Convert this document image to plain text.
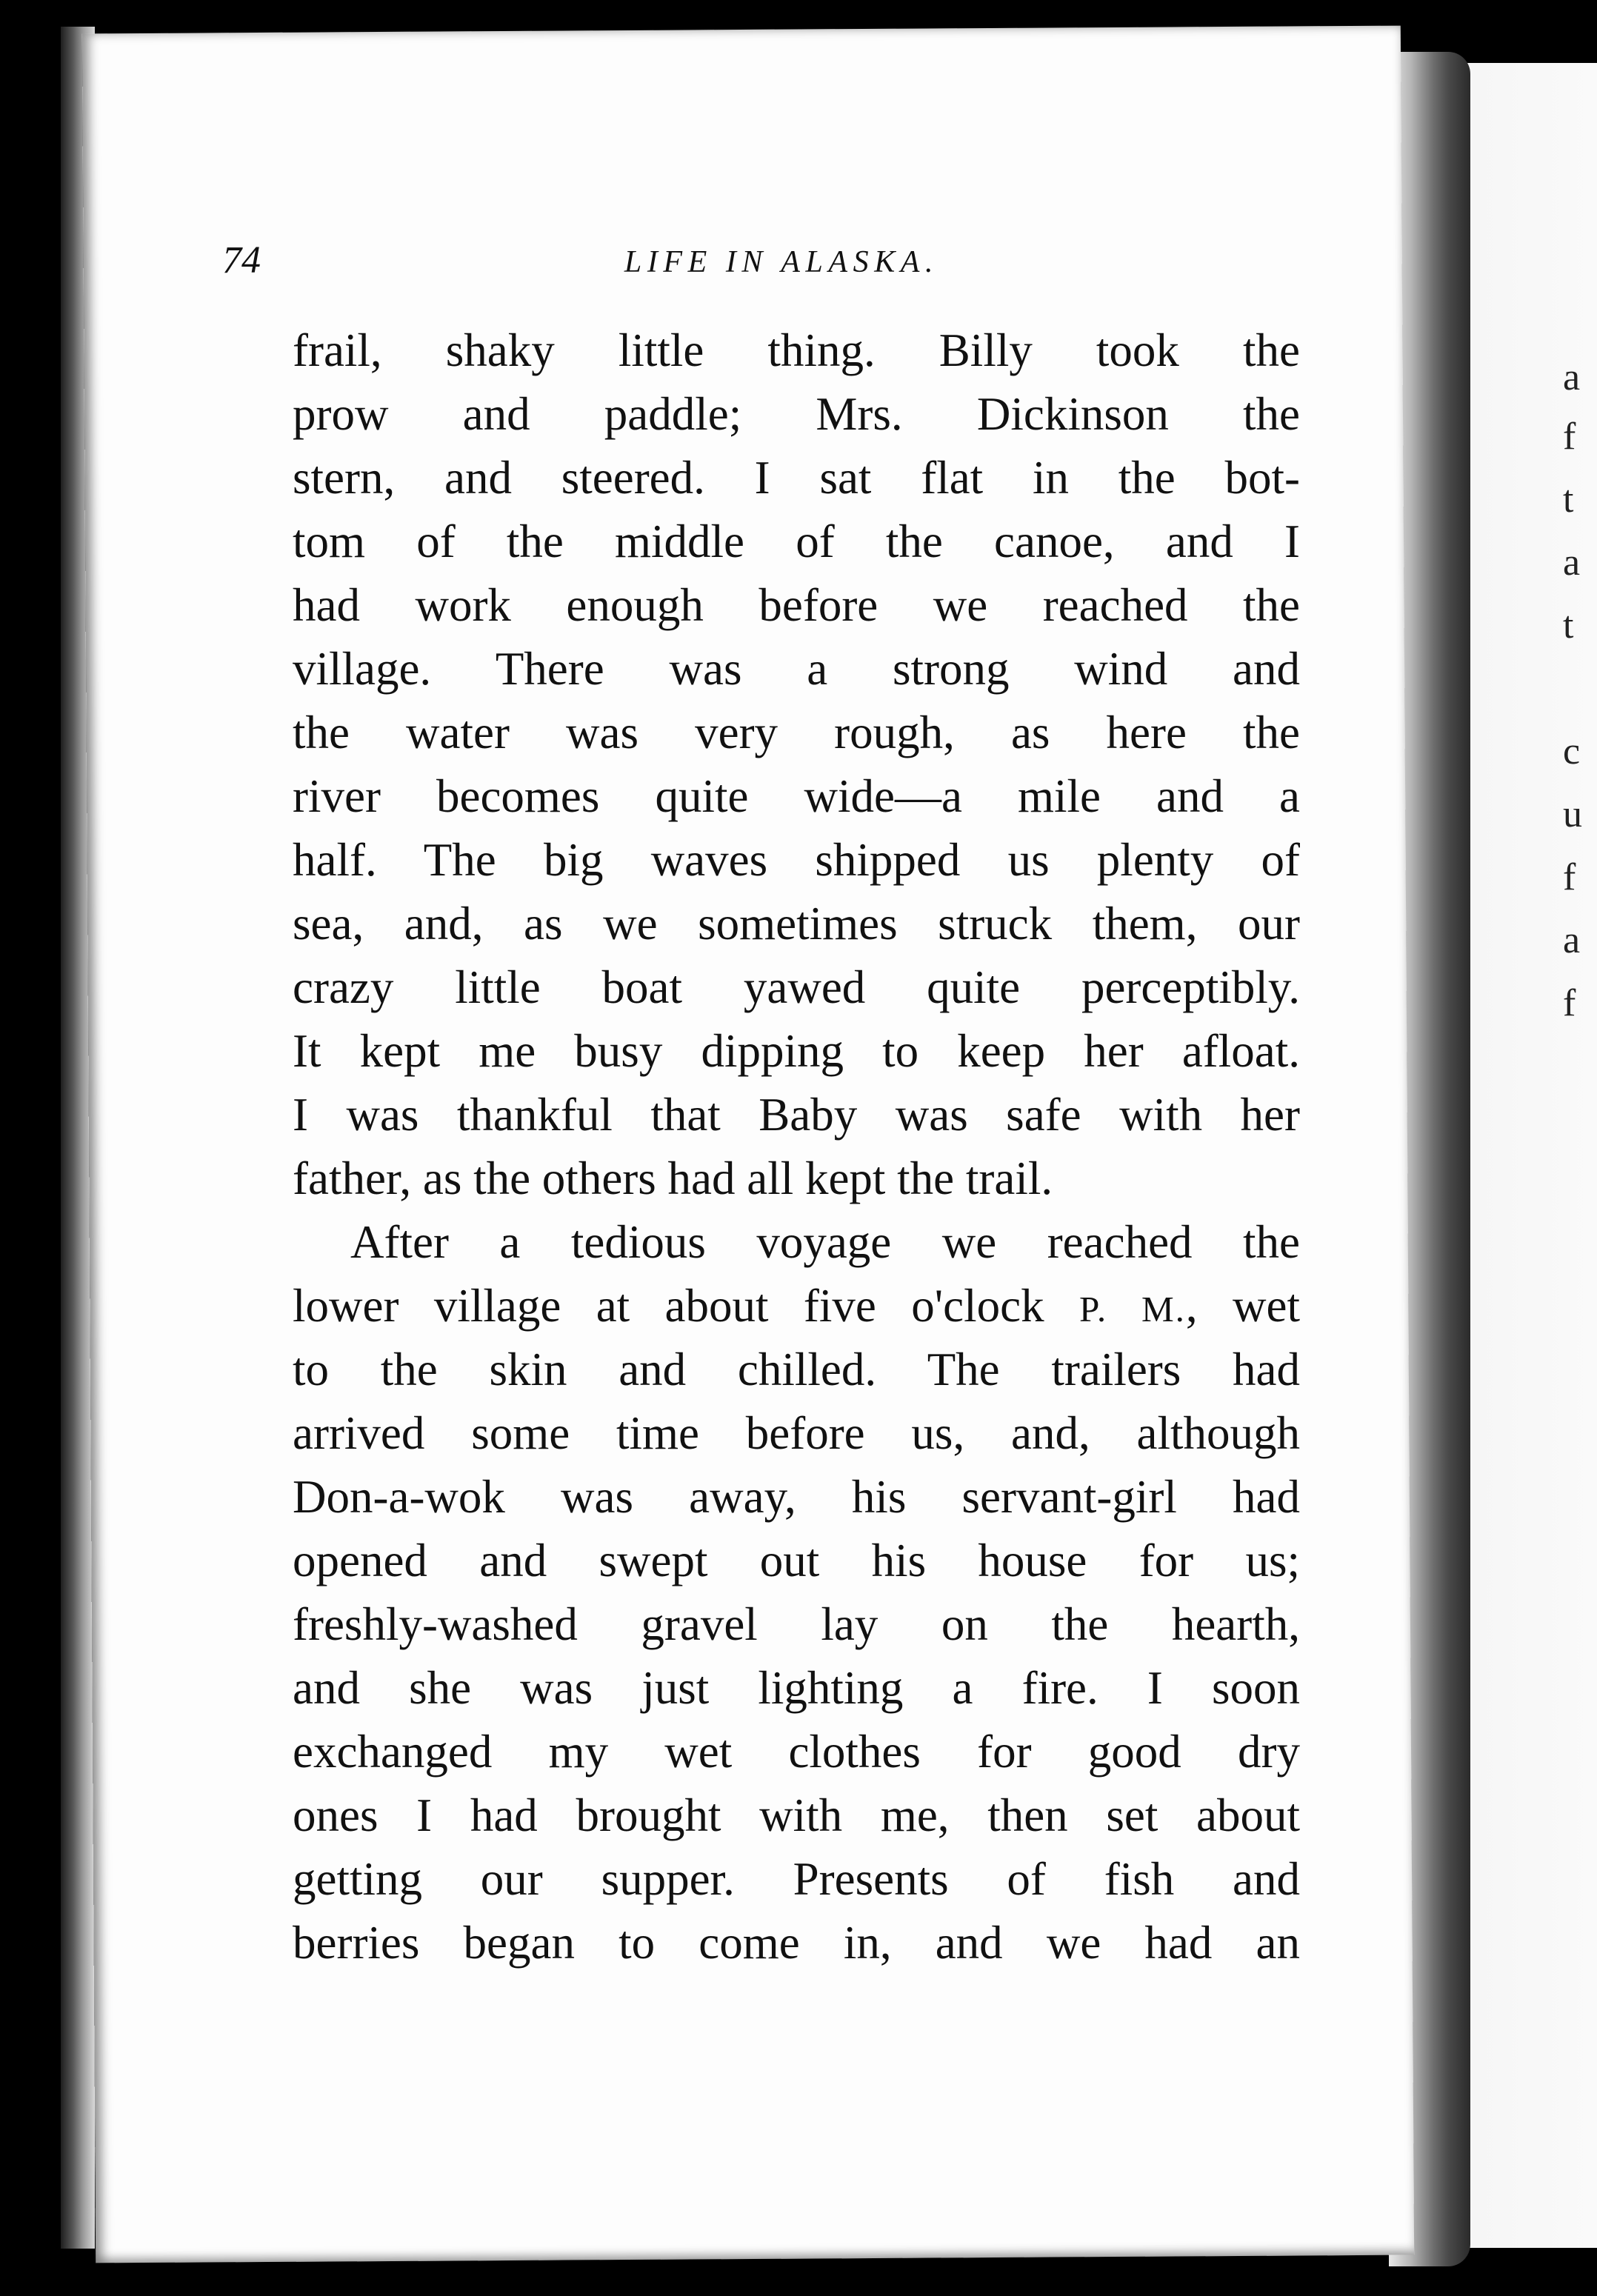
74	LIFE IN ALASKA.
frail, shaky little thing. Billy took the
prow and paddle; Mrs. Dickinson the
stern, and steered. I sat flat in the bot-
tom of the middle of the canoe, and I
had work enough before we reached the
village. There was a strong wind and
the water was very rough, as here the
river becomes quite wide—a mile and a
half. The big waves shipped us plenty of
sea, and, as we sometimes struck them, our
crazy little boat yawed quite perceptibly.
It kept me busy dipping to keep her afloat.
I was thankful that Baby was safe with her
father, as the others had all kept the trail.
After a tedious voyage we reached the
lower village at about five o'clock P. M., wet
to the skin and chilled. The trailers had
arrived some time before us, and, although
Don-a-wok was away, his servant-girl had
opened and swept out his house for us;
freshly-washed gravel lay on the hearth,
and she was just lighting a fire. I soon
exchanged my wet clothes for good dry
ones I had brought with me, then set about
getting our supper. Presents of fish and
berries began to come in, and we had an
a
f
t
a
t
c
u
f
a
f
